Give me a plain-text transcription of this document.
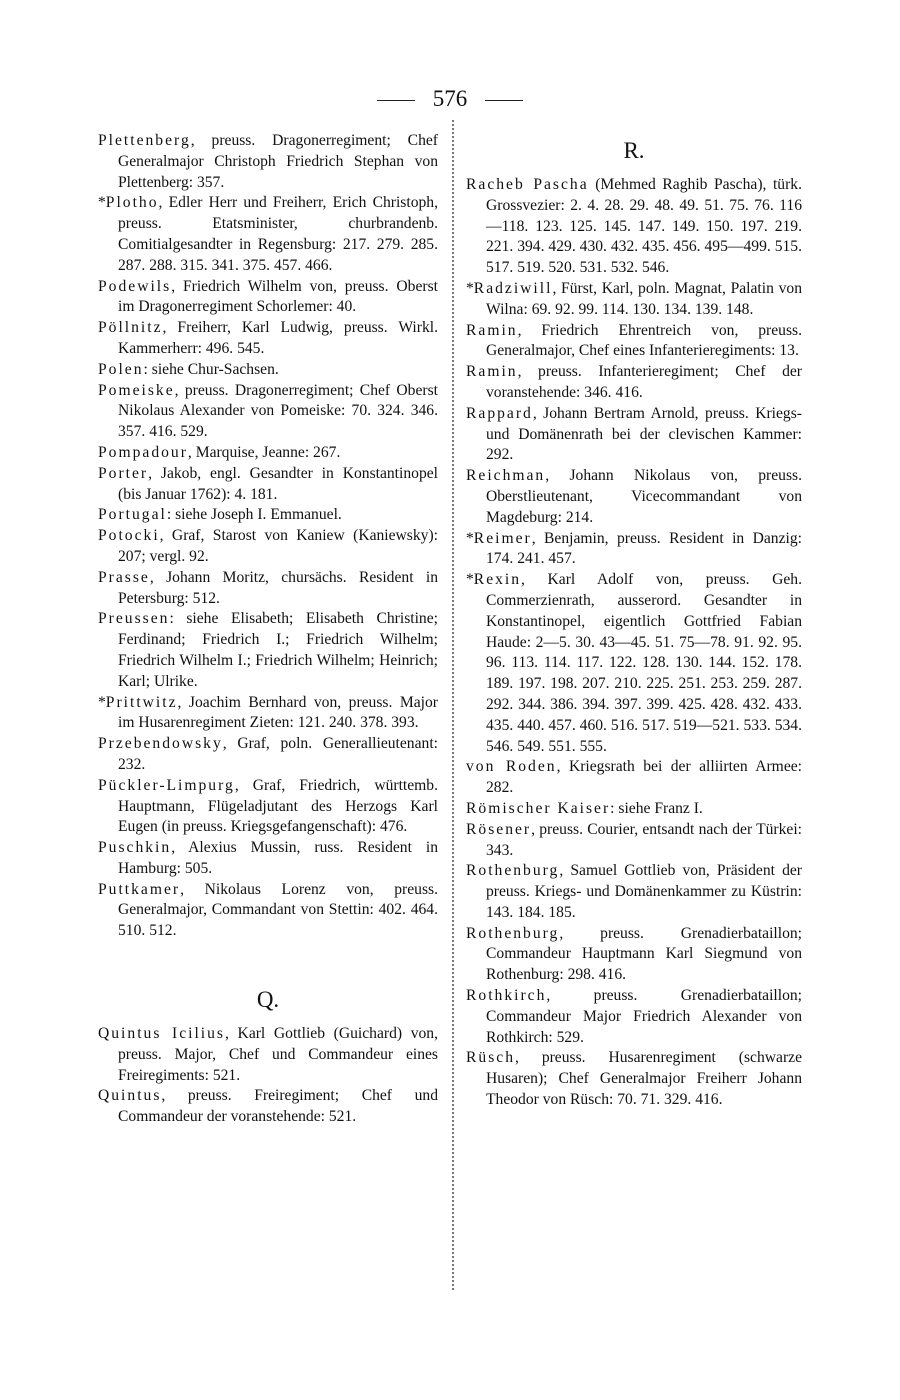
576
Plettenberg, preuss. Dragonerregiment; Chef Generalmajor Christoph Friedrich Stephan von Plettenberg: 357.
*Plotho, Edler Herr und Freiherr, Erich Christoph, preuss. Etatsminister, churbrandenb. Comitialgesandter in Regensburg: 217. 279. 285. 287. 288. 315. 341. 375. 457. 466.
Podewils, Friedrich Wilhelm von, preuss. Oberst im Dragonerregiment Schorlemer: 40.
Pöllnitz, Freiherr, Karl Ludwig, preuss. Wirkl. Kammerherr: 496. 545.
Polen: siehe Chur-Sachsen.
Pomeiske, preuss. Dragonerregiment; Chef Oberst Nikolaus Alexander von Pomeiske: 70. 324. 346. 357. 416. 529.
Pompadour, Marquise, Jeanne: 267.
Porter, Jakob, engl. Gesandter in Konstantinopel (bis Januar 1762): 4. 181.
Portugal: siehe Joseph I. Emmanuel.
Potocki, Graf, Starost von Kaniew (Kaniewsky): 207; vergl. 92.
Prasse, Johann Moritz, chursächs. Resident in Petersburg: 512.
Preussen: siehe Elisabeth; Elisabeth Christine; Ferdinand; Friedrich I.; Friedrich Wilhelm; Friedrich Wilhelm I.; Friedrich Wilhelm; Heinrich; Karl; Ulrike.
*Prittwitz, Joachim Bernhard von, preuss. Major im Husarenregiment Zieten: 121. 240. 378. 393.
Przebendowsky, Graf, poln. Generallieutenant: 232.
Pückler-Limpurg, Graf, Friedrich, württemb. Hauptmann, Flügeladjutant des Herzogs Karl Eugen (in preuss. Kriegsgefangenschaft): 476.
Puschkin, Alexius Mussin, russ. Resident in Hamburg: 505.
Puttkamer, Nikolaus Lorenz von, preuss. Generalmajor, Commandant von Stettin: 402. 464. 510. 512.
Q.
Quintus Icilius, Karl Gottlieb (Guichard) von, preuss. Major, Chef und Commandeur eines Freiregiments: 521.
Quintus, preuss. Freiregiment; Chef und Commandeur der voranstehende: 521.
R.
Racheb Pascha (Mehmed Raghib Pascha), türk. Grossvezier: 2. 4. 28. 29. 48. 49. 51. 75. 76. 116—118. 123. 125. 145. 147. 149. 150. 197. 219. 221. 394. 429. 430. 432. 435. 456. 495—499. 515. 517. 519. 520. 531. 532. 546.
*Radziwill, Fürst, Karl, poln. Magnat, Palatin von Wilna: 69. 92. 99. 114. 130. 134. 139. 148.
Ramin, Friedrich Ehrentreich von, preuss. Generalmajor, Chef eines Infanterieregiments: 13.
Ramin, preuss. Infanterieregiment; Chef der voranstehende: 346. 416.
Rappard, Johann Bertram Arnold, preuss. Kriegs- und Domänenrath bei der clevischen Kammer: 292.
Reichman, Johann Nikolaus von, preuss. Oberstlieutenant, Vicecommandant von Magdeburg: 214.
*Reimer, Benjamin, preuss. Resident in Danzig: 174. 241. 457.
*Rexin, Karl Adolf von, preuss. Geh. Commerzienrath, ausserord. Gesandter in Konstantinopel, eigentlich Gottfried Fabian Haude: 2—5. 30. 43—45. 51. 75—78. 91. 92. 95. 96. 113. 114. 117. 122. 128. 130. 144. 152. 178. 189. 197. 198. 207. 210. 225. 251. 253. 259. 287. 292. 344. 386. 394. 397. 399. 425. 428. 432. 433. 435. 440. 457. 460. 516. 517. 519—521. 533. 534. 546. 549. 551. 555.
von Roden, Kriegsrath bei der alliirten Armee: 282.
Römischer Kaiser: siehe Franz I.
Rösener, preuss. Courier, entsandt nach der Türkei: 343.
Rothenburg, Samuel Gottlieb von, Präsident der preuss. Kriegs- und Domänenkammer zu Küstrin: 143. 184. 185.
Rothenburg, preuss. Grenadierbataillon; Commandeur Hauptmann Karl Siegmund von Rothenburg: 298. 416.
Rothkirch, preuss. Grenadierbataillon; Commandeur Major Friedrich Alexander von Rothkirch: 529.
Rüsch, preuss. Husarenregiment (schwarze Husaren); Chef Generalmajor Freiherr Johann Theodor von Rüsch: 70. 71. 329. 416.
